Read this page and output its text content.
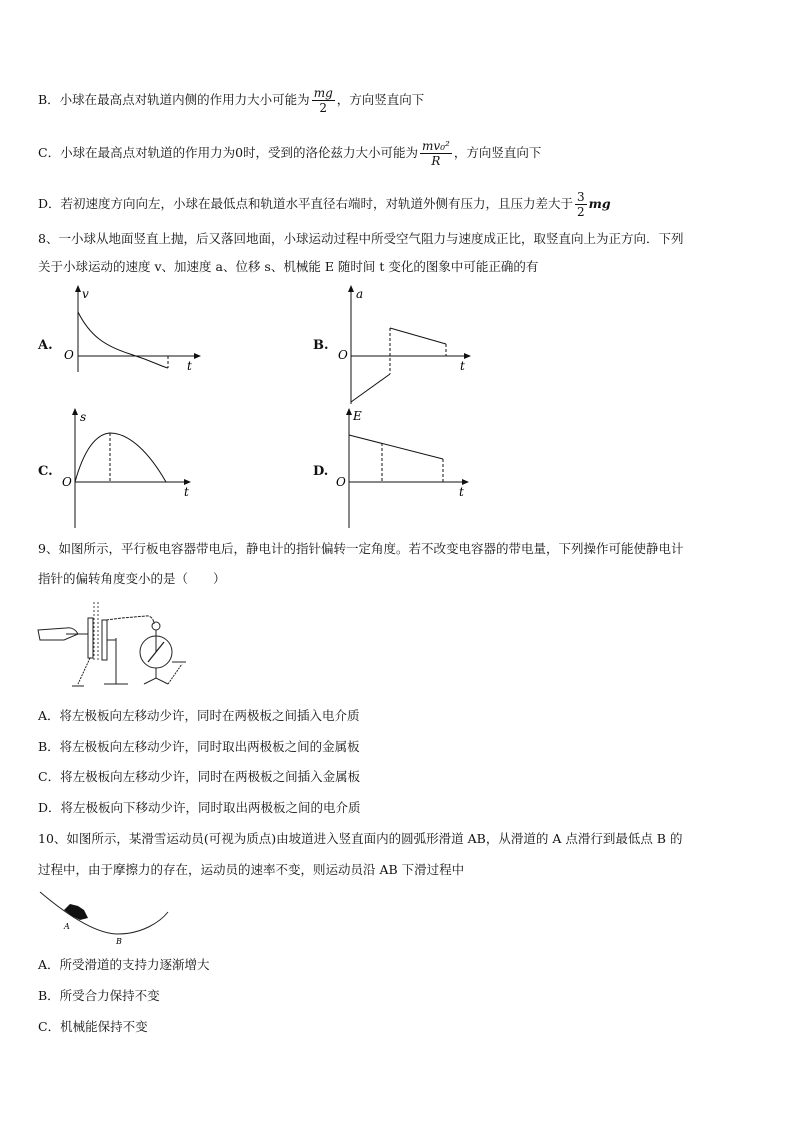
B．小球在最高点对轨道内侧的作用力大小可能为 $\frac{mg}{2}$ ，方向竖直向下
C．小球在最高点对轨道的作用力为0时，受到的洛伦兹力大小可能为 $\frac{\text{mv₀²}}{R}$ ，方向竖直向下
D．若初速度方向向左，小球在最低点和轨道水平直径右端时，对轨道外侧有压力，且压力差大于 $\frac{3}{2}$ mg
8、一小球从地面竖直上抛，后又落回地面，小球运动过程中所受空气阻力与速度成正比，取竖直向上为正方向．下列
关于小球运动的速度 v、加速度 a、位移 s、机械能 E 随时间 t 变化的图象中可能正确的有
A.
v
t
O
B.
a
t
O
C.
s
t
O
D.
E
t
O
9、如图所示，平行板电容器带电后，静电计的指针偏转一定角度。若不改变电容器的带电量，下列操作可能使静电计
指针的偏转角度变小的是（　　）
A．将左极板向左移动少许，同时在两极板之间插入电介质
B．将左极板向左移动少许，同时取出两极板之间的金属板
C．将左极板向左移动少许，同时在两极板之间插入金属板
D．将左极板向下移动少许，同时取出两极板之间的电介质
10、如图所示，某滑雪运动员(可视为质点)由坡道进入竖直面内的圆弧形滑道 AB，从滑道的 A 点滑行到最低点 B 的
过程中，由于摩擦力的存在，运动员的速率不变，则运动员沿 AB 下滑过程中
A
B
A．所受滑道的支持力逐渐增大
B．所受合力保持不变
C．机械能保持不变
